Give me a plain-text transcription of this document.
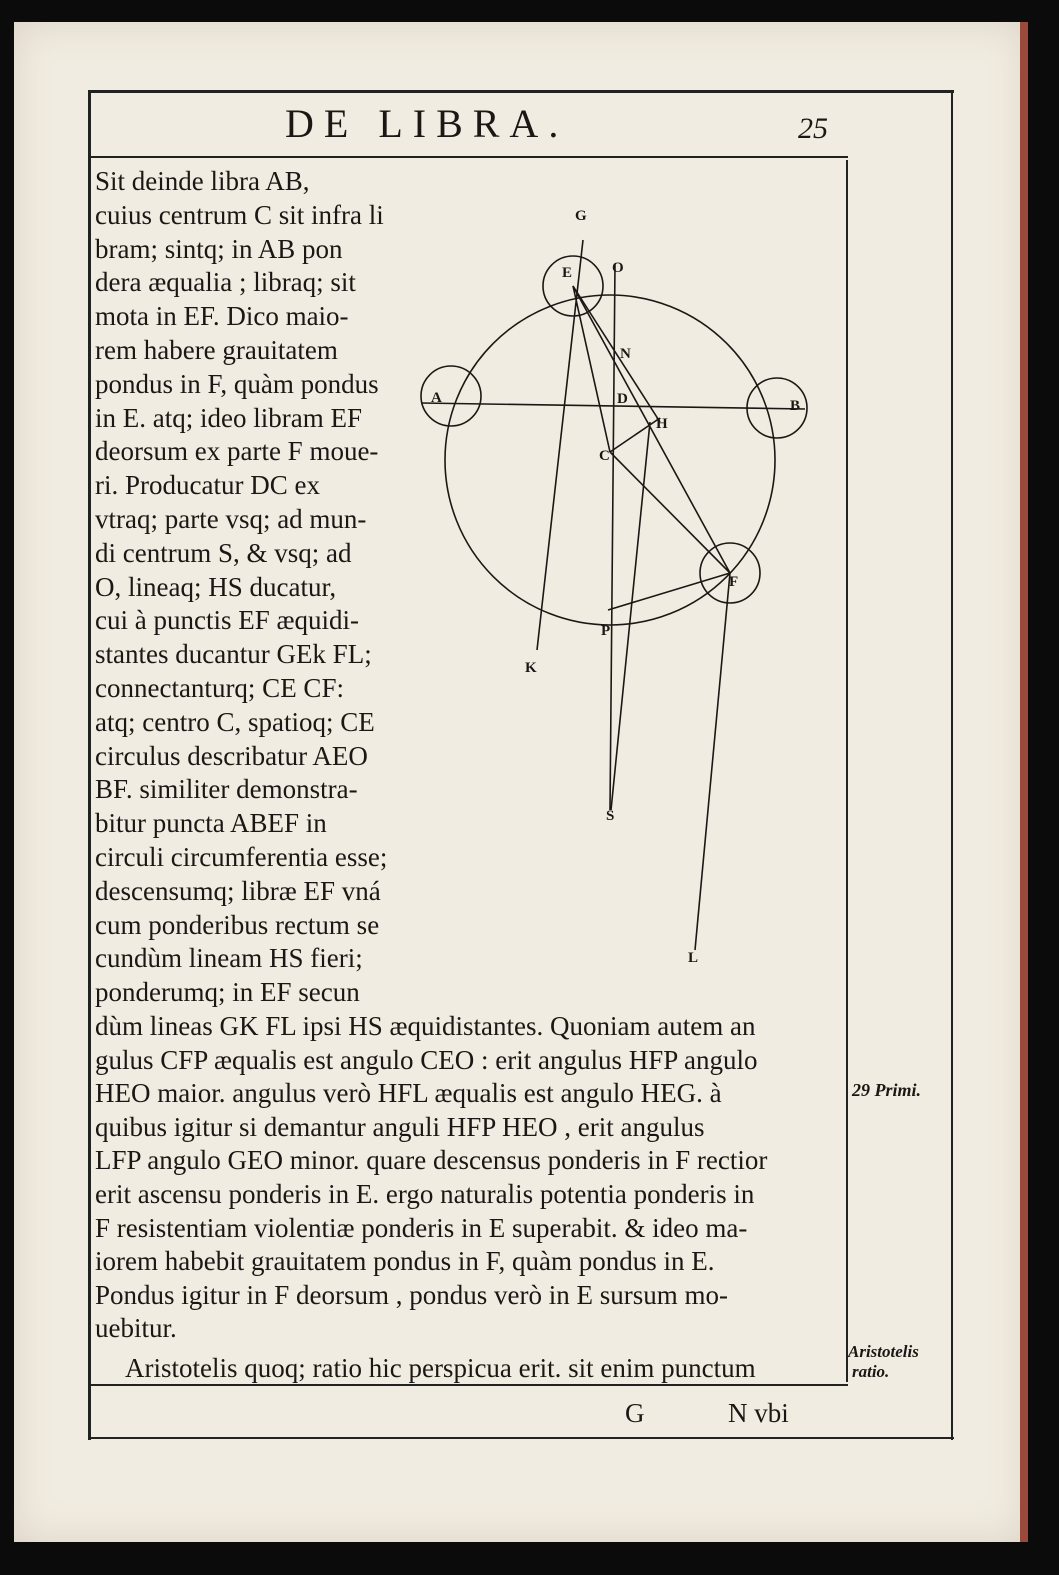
DE LIBRA.	25
Sit deinde libra AB,
cuius centrum C sit infra li
bram; sintq; in AB pon
dera æqualia ; libraq; sit
mota in EF. Dico maio-
rem habere grauitatem
pondus in F, quàm pondus
in E. atq; ideo libram EF
deorsum ex parte F moue-
ri. Producatur DC ex
vtraq; parte vsq; ad mun-
di centrum S, & vsq; ad
O, lineaq; HS ducatur,
cui à punctis EF æquidi-
stantes ducantur GEk FL;
connectanturq; CE CF:
atq; centro C, spatioq; CE
circulus describatur AEO
BF. similiter demonstra-
bitur puncta ABEF in
circuli circumferentia esse;
descensumq; libræ EF vná
cum ponderibus rectum se
cundùm lineam HS fieri;
ponderumq; in EF secun
dùm lineas GK FL ipsi HS æquidistantes. Quoniam autem an
gulus CFP æqualis est angulo CEO : erit angulus HFP angulo
HEO maior. angulus verò HFL æqualis est angulo HEG. à
quibus igitur si demantur anguli HFP HEO , erit angulus
LFP angulo GEO minor. quare descensus ponderis in F rectior
erit ascensu ponderis in E. ergo naturalis potentia ponderis in
F resistentiam violentiæ ponderis in E superabit. & ideo ma-
iorem habebit grauitatem pondus in F, quàm pondus in E.
Pondus igitur in F deorsum , pondus verò in E sursum mo-
uebitur.
Aristotelis quoq; ratio hic perspicua erit. sit enim punctum
29 Primi.
Aristotelis
ratio.
G	N vbi
G
E	O
N
A	D	B
H
C
F
P
K
S
L
